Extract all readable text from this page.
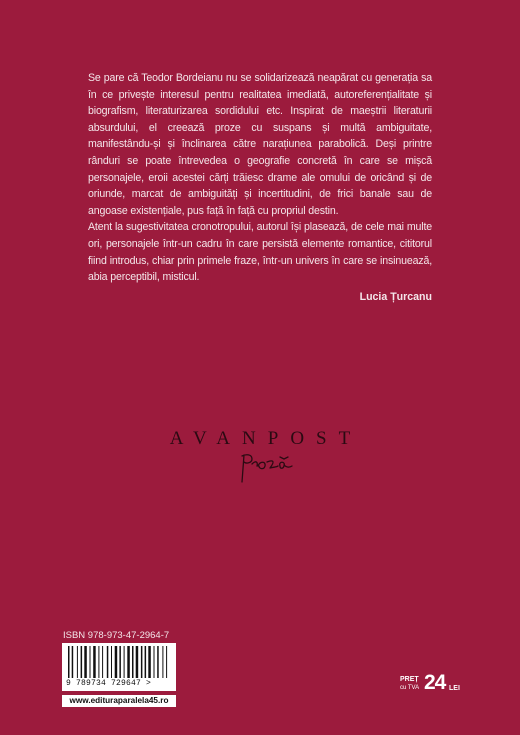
Se pare că Teodor Bordeianu nu se solidarizează neapărat cu generația sa în ce privește interesul pentru realitatea imediată, autoreferențialitate și biografism, literaturizarea sordidului etc. Inspirat de maeștrii literaturii absurdului, el creează proze cu suspans și multă ambiguitate, manifestându-și și înclinarea către narațiunea parabolică. Deși printre rânduri se poate întrevedea o geografie concretă în care se mișcă personajele, eroii acestei cărți trăiesc drame ale omului de oricând și de oriunde, marcat de ambiguități și incertitudini, de frici banale sau de angoase existențiale, pus față în față cu propriul destin.

Atent la sugestivitatea cronotropului, autorul își plasează, de cele mai multe ori, personajele într-un cadru în care persistă elemente romantice, cititorul fiind introdus, chiar prin primele fraze, într-un univers în care se insinuează, abia perceptibil, misticul.

Lucia Țurcanu
AVANPOST
ISBN 978-973-47-2964-7
9 789734 729647 >
www.edituraparalela45.ro
PREȚ
cu TVA 24 LEI
